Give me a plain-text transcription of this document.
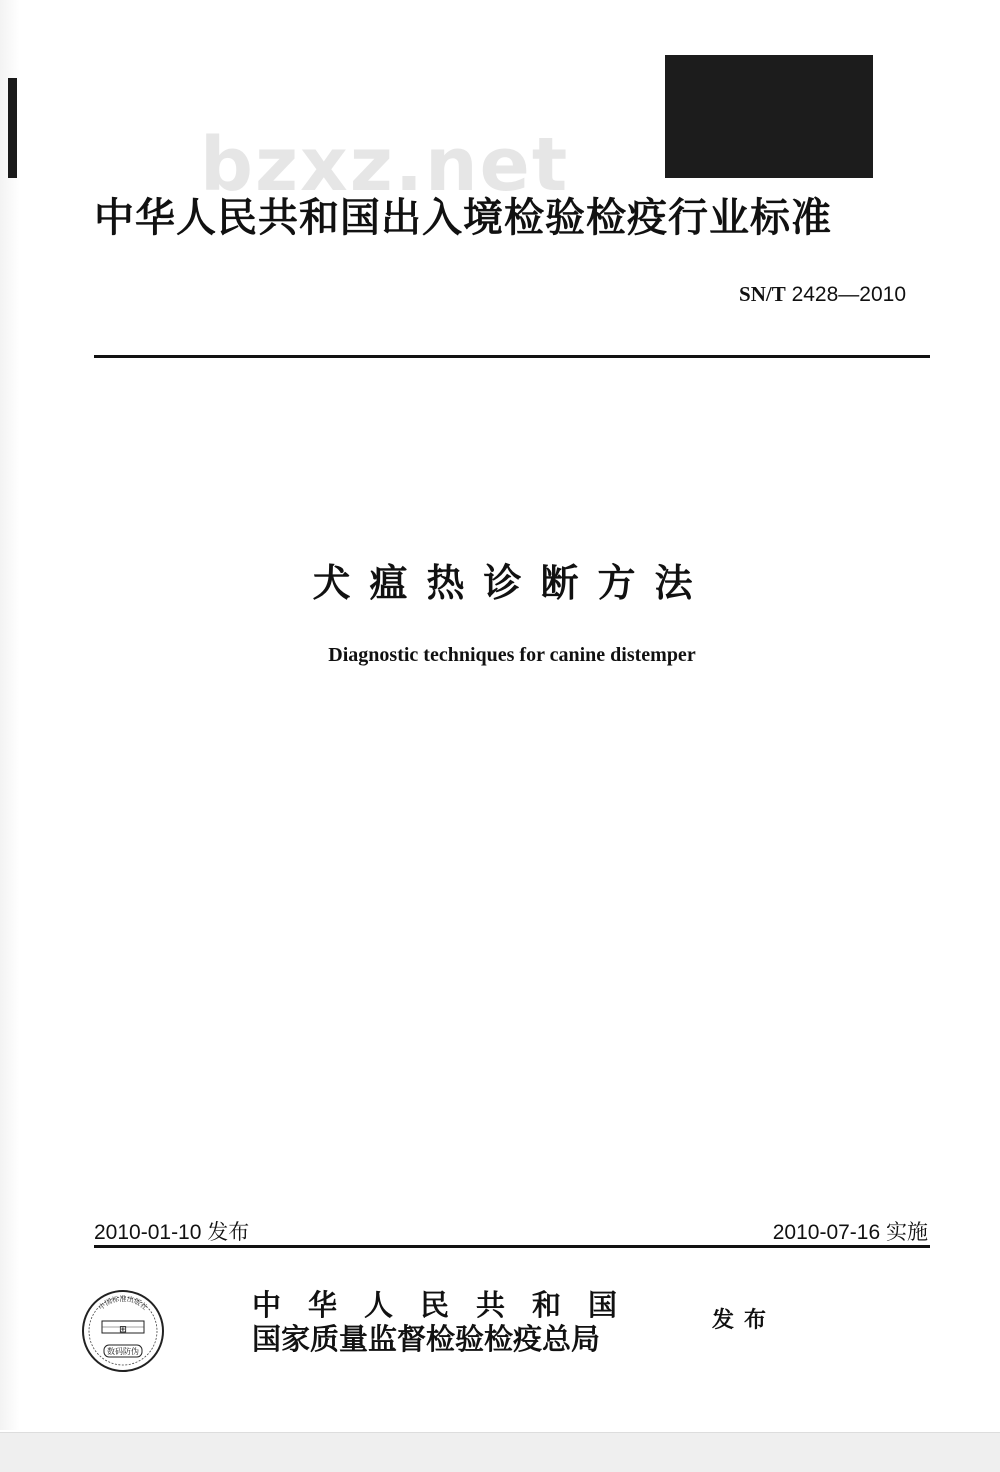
bzxz.net
中华人民共和国出入境检验检疫行业标准
SN/T 2428—2010
犬瘟热诊断方法
Diagnostic techniques for canine distemper
2010-01-10 发布	2010-07-16 实施
中国标准出版社
⊞
数码防伪
中华人民共和国
国家质量监督检验检疫总局
发布
